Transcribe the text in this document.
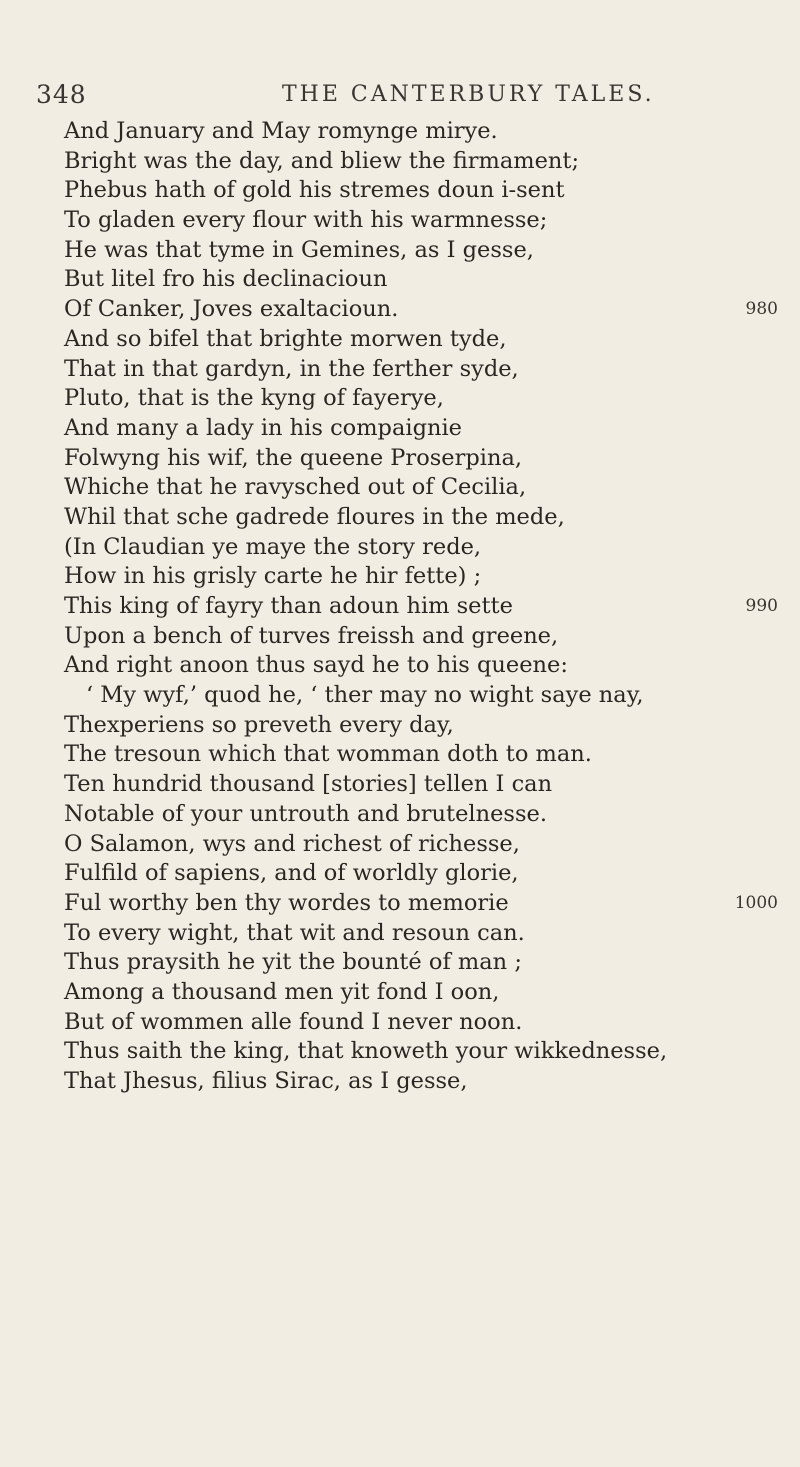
348	THE CANTERBURY TALES.
And January and May romynge mirye.
Bright was the day, and bliew the firmament;
Phebus hath of gold his stremes doun i-sent
To gladen every flour with his warmnesse;
He was that tyme in Gemines, as I gesse,
But litel fro his declinacioun
Of Canker, Joves exaltacioun.	980
And so bifel that brighte morwen tyde,
That in that gardyn, in the ferther syde,
Pluto, that is the kyng of fayerye,
And many a lady in his compaignie
Folwyng his wif, the queene Proserpina,
Whiche that he ravysched out of Cecilia,
Whil that sche gadrede floures in the mede,
(In Claudian ye maye the story rede,
How in his grisly carte he hir fette) ;
This king of fayry than adoun him sette	990
Upon a bench of turves freissh and greene,
And right anoon thus sayd he to his queene:
‘ My wyf,’ quod he, ‘ ther may no wight saye nay,
Thexperiens so preveth every day,
The tresoun which that womman doth to man.
Ten hundrid thousand [stories] tellen I can
Notable of your untrouth and brutelnesse.
O Salamon, wys and richest of richesse,
Fulfild of sapiens, and of worldly glorie,
Ful worthy ben thy wordes to memorie	1000
To every wight, that wit and resoun can.
Thus praysith he yit the bounté of man ;
Among a thousand men yit fond I oon,
But of wommen alle found I never noon.
Thus saith the king, that knoweth your wikkednesse,
That Jhesus, filius Sirac, as I gesse,
